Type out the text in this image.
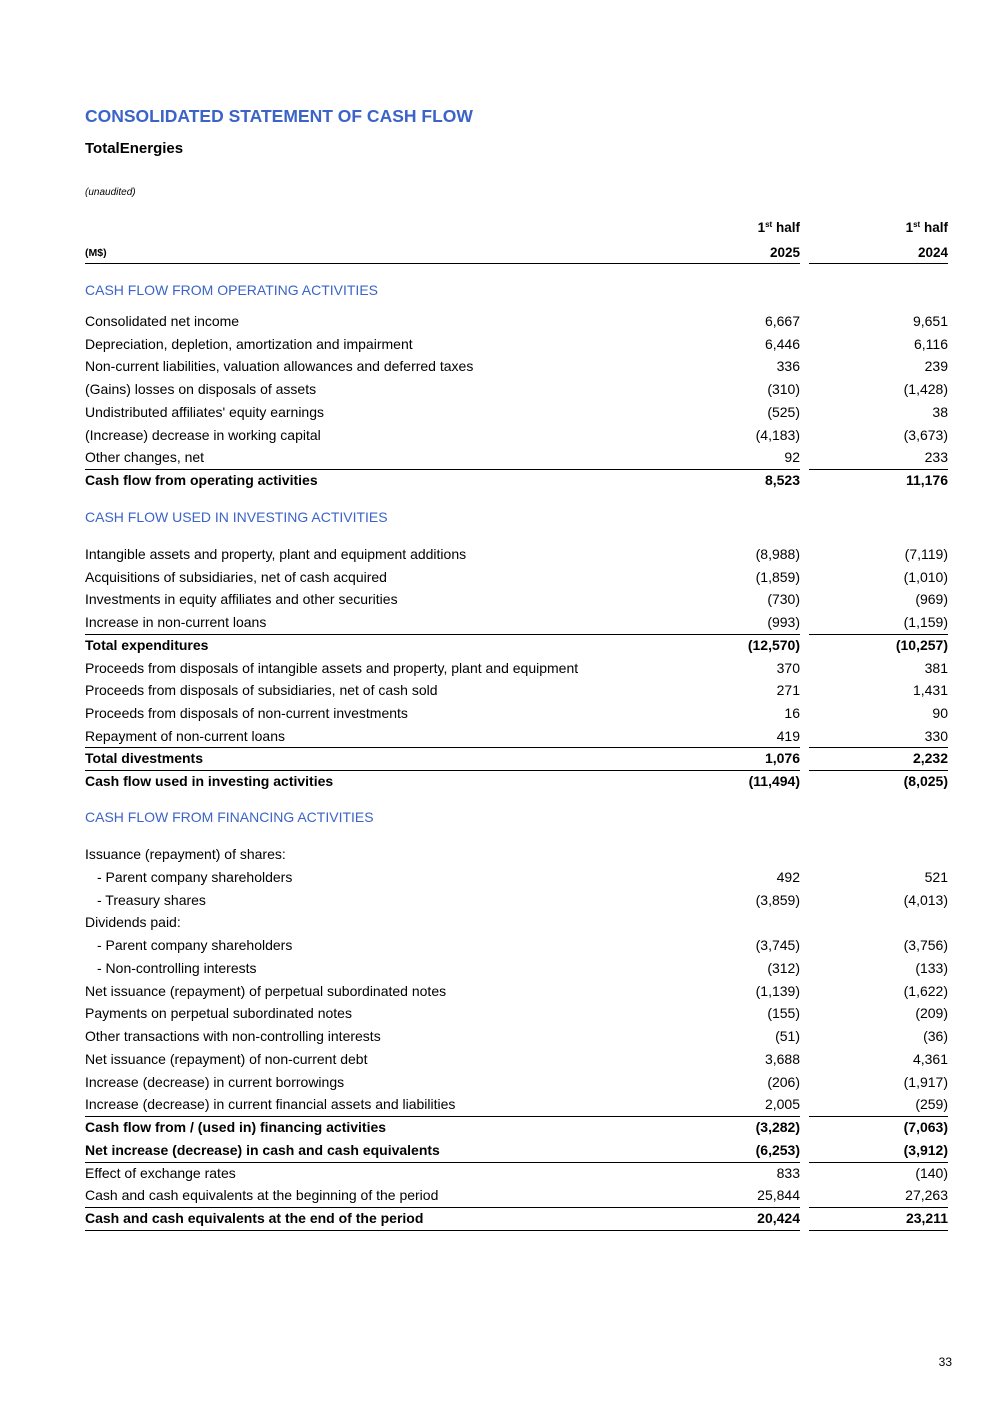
CONSOLIDATED STATEMENT OF CASH FLOW
TotalEnergies
(unaudited)
1st half	1st half
(M$)	2025	2024
CASH FLOW FROM OPERATING ACTIVITIES
CASH FLOW USED IN INVESTING ACTIVITIES
CASH FLOW FROM FINANCING ACTIVITIES
Consolidated net income	6,667	9,651
Depreciation, depletion, amortization and impairment	6,446	6,116
Non-current liabilities, valuation allowances and deferred taxes	336	239
(Gains) losses on disposals of assets	(310)	(1,428)
Undistributed affiliates' equity earnings	(525)	38
(Increase) decrease in working capital	(4,183)	(3,673)
Other changes, net	92	233
Cash flow from operating activities	8,523	11,176
Intangible assets and property, plant and equipment additions	(8,988)	(7,119)
Acquisitions of subsidiaries, net of cash acquired	(1,859)	(1,010)
Investments in equity affiliates and other securities	(730)	(969)
Increase in non-current loans	(993)	(1,159)
Total expenditures	(12,570)	(10,257)
Proceeds from disposals of intangible assets and property, plant and equipment	370	381
Proceeds from disposals of subsidiaries, net of cash sold	271	1,431
Proceeds from disposals of non-current investments	16	90
Repayment of non-current loans	419	330
Total divestments	1,076	2,232
Cash flow used in investing activities	(11,494)	(8,025)
Issuance (repayment) of shares:
- Parent company shareholders	492	521
- Treasury shares	(3,859)	(4,013)
Dividends paid:
- Parent company shareholders	(3,745)	(3,756)
- Non-controlling interests	(312)	(133)
Net issuance (repayment) of perpetual subordinated notes	(1,139)	(1,622)
Payments on perpetual subordinated notes	(155)	(209)
Other transactions with non-controlling interests	(51)	(36)
Net issuance (repayment) of non-current debt	3,688	4,361
Increase (decrease) in current borrowings	(206)	(1,917)
Increase (decrease) in current financial assets and liabilities	2,005	(259)
Cash flow from / (used in) financing activities	(3,282)	(7,063)
Net increase (decrease) in cash and cash equivalents	(6,253)	(3,912)
Effect of exchange rates	833	(140)
Cash and cash equivalents at the beginning of the period	25,844	27,263
Cash and cash equivalents at the end of the period	20,424	23,211
33
